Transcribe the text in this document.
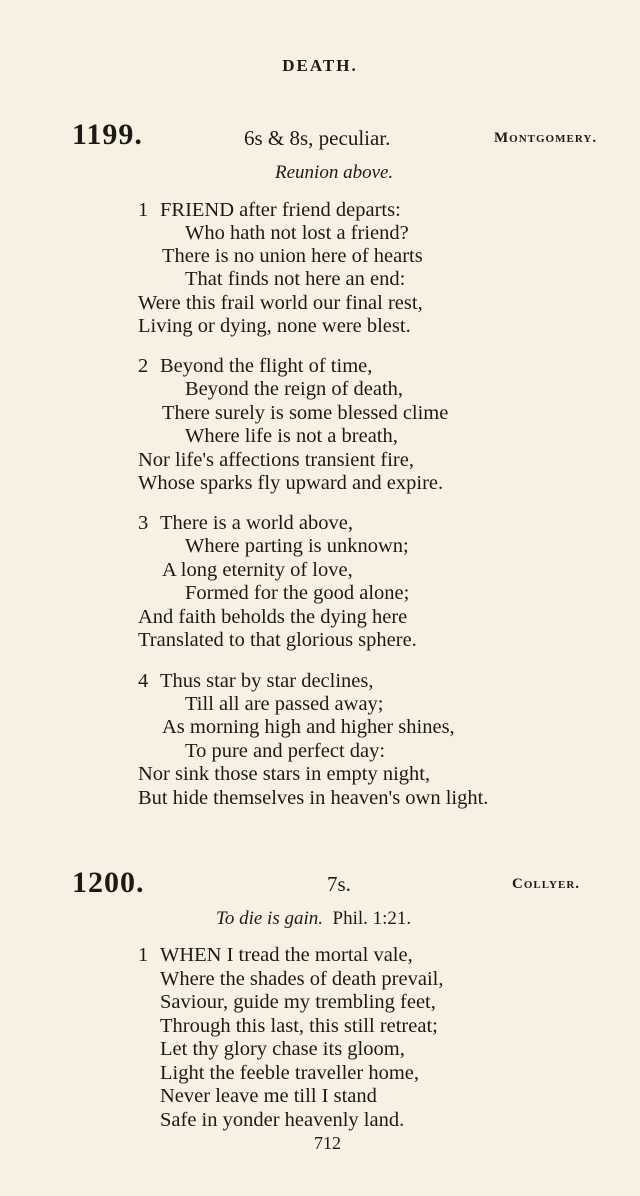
DEATH.
1199.	6s & 8s, peculiar.	Montgomery.
Reunion above.
1 FRIEND after friend departs:
Who hath not lost a friend?
There is no union here of hearts
That finds not here an end:
Were this frail world our final rest,
Living or dying, none were blest.
2 Beyond the flight of time,
Beyond the reign of death,
There surely is some blessed clime
Where life is not a breath,
Nor life's affections transient fire,
Whose sparks fly upward and expire.
3 There is a world above,
Where parting is unknown;
A long eternity of love,
Formed for the good alone;
And faith beholds the dying here
Translated to that glorious sphere.
4 Thus star by star declines,
Till all are passed away;
As morning high and higher shines,
To pure and perfect day:
Nor sink those stars in empty night,
But hide themselves in heaven's own light.
1200.	7s.	Collyer.
To die is gain. Phil. 1:21.
1 WHEN I tread the mortal vale,
Where the shades of death prevail,
Saviour, guide my trembling feet,
Through this last, this still retreat;
Let thy glory chase its gloom,
Light the feeble traveller home,
Never leave me till I stand
Safe in yonder heavenly land.
712
